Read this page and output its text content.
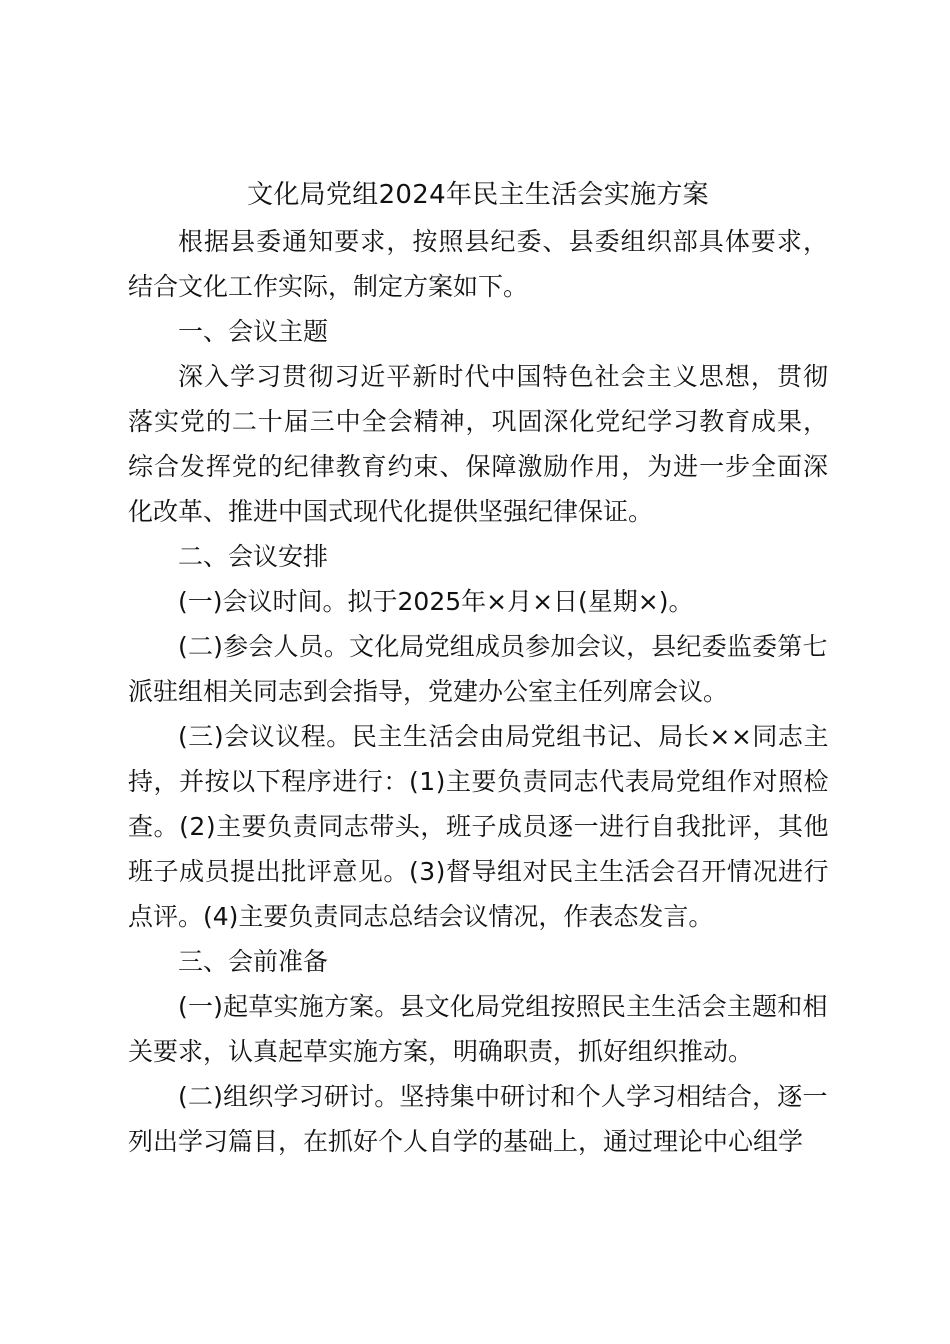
文化局党组2024年民主生活会实施方案
根据县委通知要求，按照县纪委、县委组织部具体要求，
结合文化工作实际，制定方案如下。
一、会议主题
深入学习贯彻习近平新时代中国特色社会主义思想，贯彻
落实党的二十届三中全会精神，巩固深化党纪学习教育成果，
综合发挥党的纪律教育约束、保障激励作用，为进一步全面深
化改革、推进中国式现代化提供坚强纪律保证。
二、会议安排
(一)会议时间。拟于2025年×月×日(星期×)。
(二)参会人员。文化局党组成员参加会议，县纪委监委第七
派驻组相关同志到会指导，党建办公室主任列席会议。
(三)会议议程。民主生活会由局党组书记、局长××同志主
持，并按以下程序进行：(1)主要负责同志代表局党组作对照检
查。(2)主要负责同志带头，班子成员逐一进行自我批评，其他
班子成员提出批评意见。(3)督导组对民主生活会召开情况进行
点评。(4)主要负责同志总结会议情况，作表态发言。
三、会前准备
(一)起草实施方案。县文化局党组按照民主生活会主题和相
关要求，认真起草实施方案，明确职责，抓好组织推动。
(二)组织学习研讨。坚持集中研讨和个人学习相结合，逐一
列出学习篇目，在抓好个人自学的基础上，通过理论中心组学
